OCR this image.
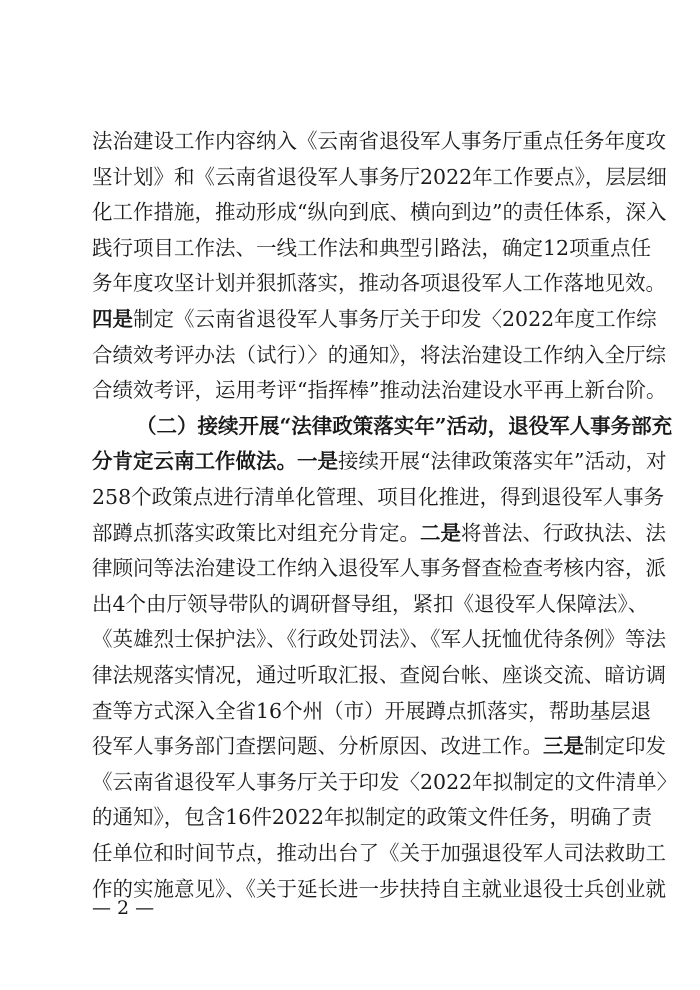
法治建设工作内容纳入《云南省退役军人事务厅重点任务年度攻
坚计划》和《云南省退役军人事务厅2022年工作要点》，层层细
化工作措施，推动形成“纵向到底、横向到边”的责任体系，深入
践行项目工作法、一线工作法和典型引路法，确定12项重点任
务年度攻坚计划并狠抓落实，推动各项退役军人工作落地见效。
四是制定《云南省退役军人事务厅关于印发〈2022年度工作综
合绩效考评办法（试行）〉的通知》，将法治建设工作纳入全厅综
合绩效考评，运用考评“指挥棒”推动法治建设水平再上新台阶。
（二）接续开展“法律政策落实年”活动，退役军人事务部充
分肯定云南工作做法。一是接续开展“法律政策落实年”活动，对
258个政策点进行清单化管理、项目化推进，得到退役军人事务
部蹲点抓落实政策比对组充分肯定。二是将普法、行政执法、法
律顾问等法治建设工作纳入退役军人事务督查检查考核内容，派
出4个由厅领导带队的调研督导组，紧扣《退役军人保障法》、
《英雄烈士保护法》、《行政处罚法》、《军人抚恤优待条例》等法
律法规落实情况，通过听取汇报、查阅台帐、座谈交流、暗访调
查等方式深入全省16个州（市）开展蹲点抓落实，帮助基层退
役军人事务部门查摆问题、分析原因、改进工作。三是制定印发
《云南省退役军人事务厅关于印发〈2022年拟制定的文件清单〉
的通知》，包含16件2022年拟制定的政策文件任务，明确了责
任单位和时间节点，推动出台了《关于加强退役军人司法救助工
作的实施意见》、《关于延长进一步扶持自主就业退役士兵创业就
— 2 —
